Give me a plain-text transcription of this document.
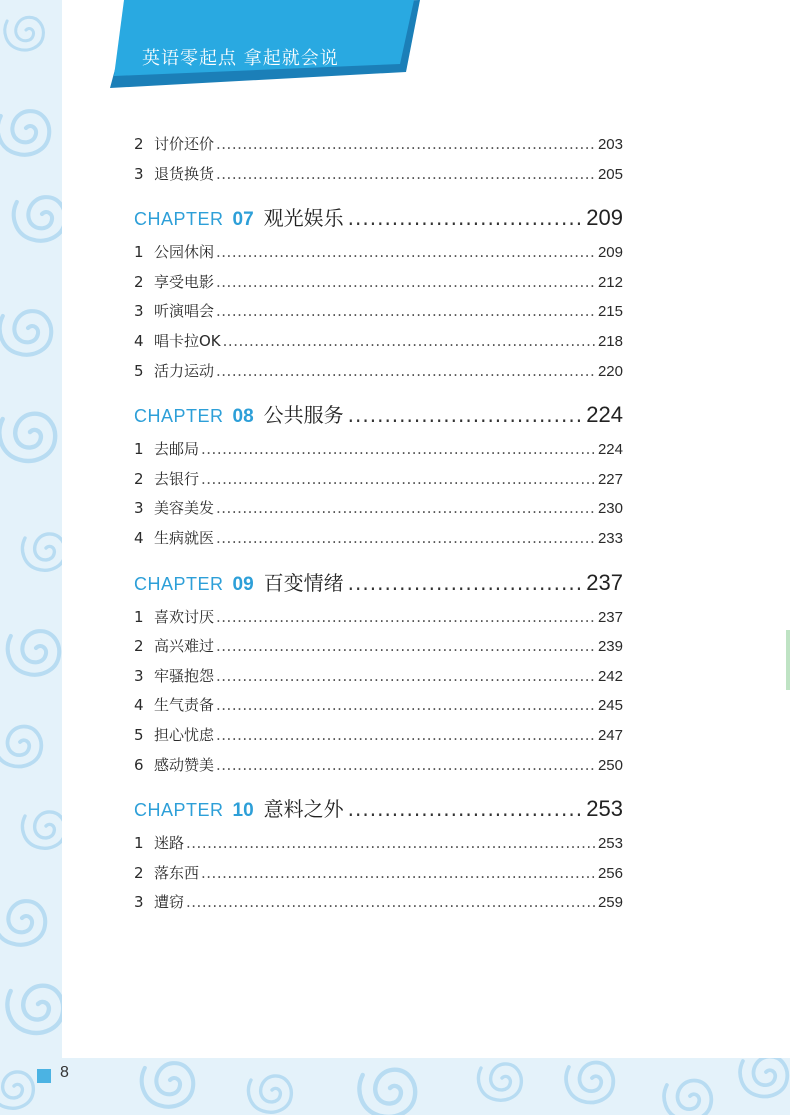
英语零起点 拿起就会说
2 讨价还价 .....	203
3 退货换货 .....	205
CHAPTER 07 观光娱乐 .....	209
1 公园休闲 .....	209
2 享受电影 .....	212
3 听演唱会 .....	215
4 唱卡拉OK .....	218
5 活力运动 .....	220
CHAPTER 08 公共服务 .....	224
1 去邮局 .....	224
2 去银行 .....	227
3 美容美发 .....	230
4 生病就医 .....	233
CHAPTER 09 百变情绪 .....	237
1 喜欢讨厌 .....	237
2 高兴难过 .....	239
3 牢骚抱怨 .....	242
4 生气责备 .....	245
5 担心忧虑 .....	247
6 感动赞美 .....	250
CHAPTER 10 意料之外 .....	253
1 迷路 .....	253
2 落东西 .....	256
3 遭窃 .....	259
8
